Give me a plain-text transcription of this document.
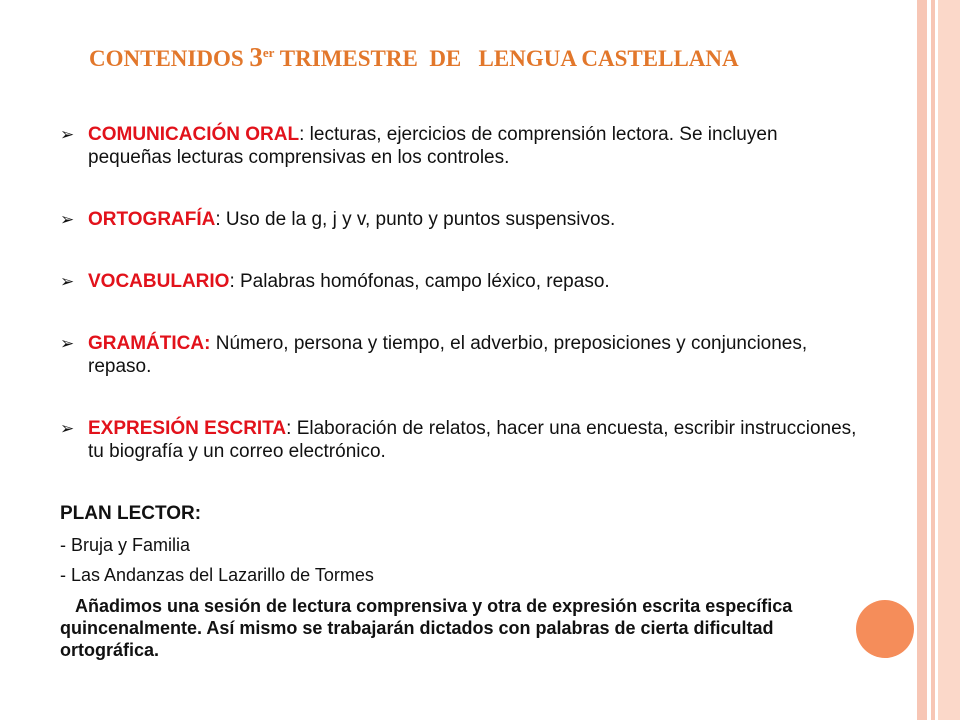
CONTENIDOS 3er TRIMESTRE  DE   LENGUA CASTELLANA
➢ COMUNICACIÓN ORAL: lecturas, ejercicios de comprensión lectora. Se incluyen pequeñas lecturas comprensivas en los controles.
➢ ORTOGRAFÍA: Uso de la g, j y v, punto y puntos suspensivos.
➢ VOCABULARIO: Palabras homófonas, campo léxico, repaso.
➢ GRAMÁTICA: Número, persona y tiempo, el adverbio, preposiciones y conjunciones, repaso.
➢ EXPRESIÓN ESCRITA: Elaboración de relatos, hacer una encuesta, escribir instrucciones, tu biografía y un correo electrónico.
PLAN LECTOR:
- Bruja y Familia
- Las Andanzas del Lazarillo de Tormes
Añadimos una sesión de lectura comprensiva y otra de expresión escrita específica quincenalmente. Así mismo se trabajarán dictados con palabras de cierta dificultad ortográfica.
